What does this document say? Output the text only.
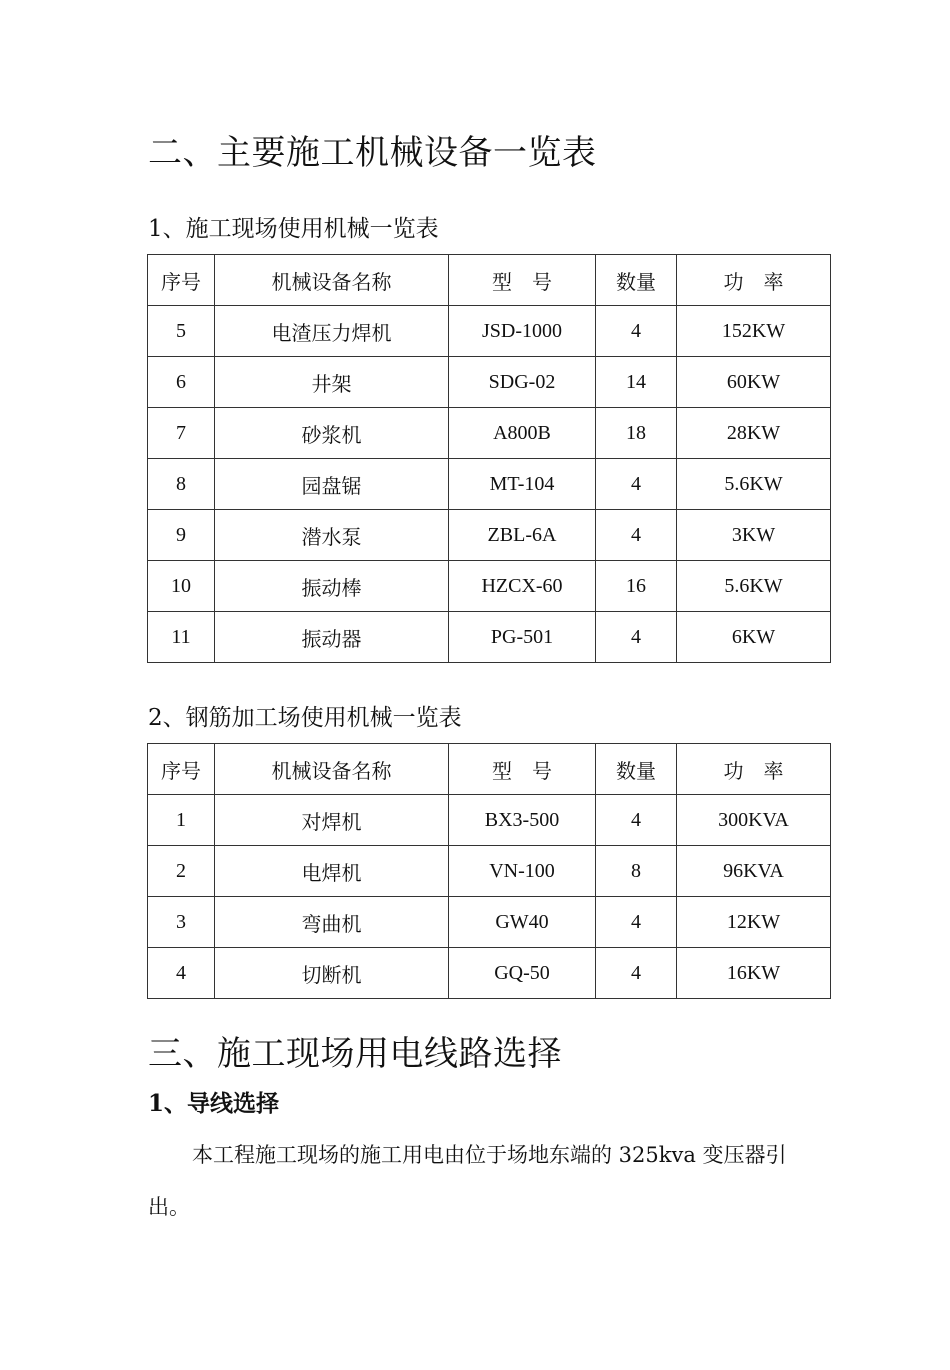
二、主要施工机械设备一览表
1、施工现场使用机械一览表
序号	机械设备名称	型　号	数量	功　率
5	电渣压力焊机	JSD-1000	4	152KW
6	井架	SDG-02	14	60KW
7	砂浆机	A800B	18	28KW
8	园盘锯	MT-104	4	5.6KW
9	潜水泵	ZBL-6A	4	3KW
10	振动棒	HZCX-60	16	5.6KW
11	振动器	PG-501	4	6KW
2、钢筋加工场使用机械一览表
序号	机械设备名称	型　号	数量	功　率
1	对焊机	BX3-500	4	300KVA
2	电焊机	VN-100	8	96KVA
3	弯曲机	GW40	4	12KW
4	切断机	GQ-50	4	16KW
三、施工现场用电线路选择
1、导线选择

本工程施工现场的施工用电由位于场地东端的 325kva 变压器引出。
